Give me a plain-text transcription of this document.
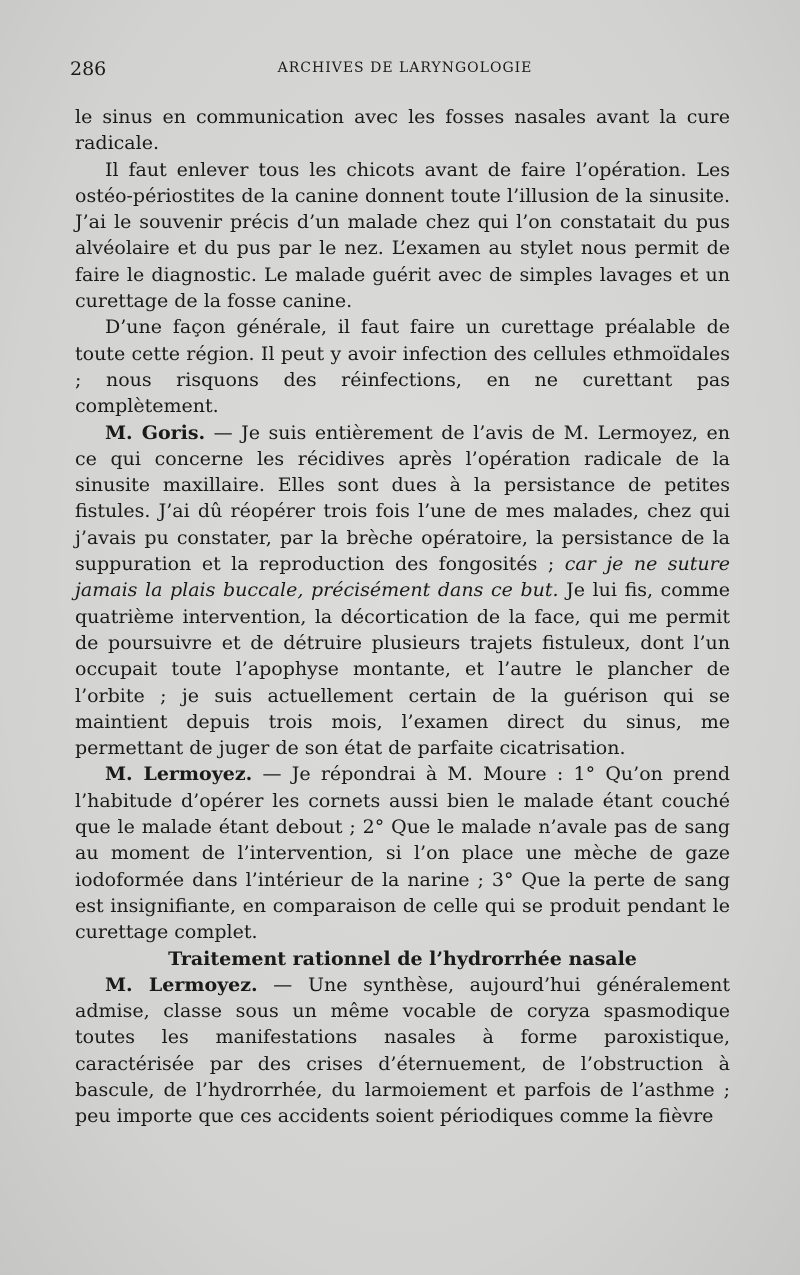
286	ARCHIVES DE LARYNGOLOGIE

le sinus en communication avec les fosses nasales avant la cure radicale.

Il faut enlever tous les chicots avant de faire l’opération. Les ostéo-périostites de la canine donnent toute l’illusion de la sinusite. J’ai le souvenir précis d’un malade chez qui l’on constatait du pus alvéolaire et du pus par le nez. L’examen au stylet nous permit de faire le diagnostic. Le malade guérit avec de simples lavages et un curettage de la fosse canine.

D’une façon générale, il faut faire un curettage préalable de toute cette région. Il peut y avoir infection des cellules ethmoïdales ; nous risquons des réinfections, en ne curettant pas complètement.

M. Goris. — Je suis entièrement de l’avis de M. Lermoyez, en ce qui concerne les récidives après l’opération radicale de la sinusite maxillaire. Elles sont dues à la persistance de petites fistules. J’ai dû réopérer trois fois l’une de mes malades, chez qui j’avais pu constater, par la brèche opératoire, la persistance de la suppuration et la reproduction des fongosités ; car je ne suture jamais la plais buccale, précisément dans ce but. Je lui fis, comme quatrième intervention, la décortication de la face, qui me permit de poursuivre et de détruire plusieurs trajets fistuleux, dont l’un occupait toute l’apophyse montante, et l’autre le plancher de l’orbite ; je suis actuellement certain de la guérison qui se maintient depuis trois mois, l’examen direct du sinus, me permettant de juger de son état de parfaite cicatrisation.

M. Lermoyez. — Je répondrai à M. Moure : 1° Qu’on prend l’habitude d’opérer les cornets aussi bien le malade étant couché que le malade étant debout ; 2° Que le malade n’avale pas de sang au moment de l’intervention, si l’on place une mèche de gaze iodoformée dans l’intérieur de la narine ; 3° Que la perte de sang est insignifiante, en comparaison de celle qui se produit pendant le curettage complet.

Traitement rationnel de l’hydrorrhée nasale

M. Lermoyez. — Une synthèse, aujourd’hui généralement admise, classe sous un même vocable de coryza spasmodique toutes les manifestations nasales à forme paroxistique, caractérisée par des crises d’éternuement, de l’obstruction à bascule, de l’hydrorrhée, du larmoiement et parfois de l’asthme ; peu importe que ces accidents soient périodiques comme la fièvre
